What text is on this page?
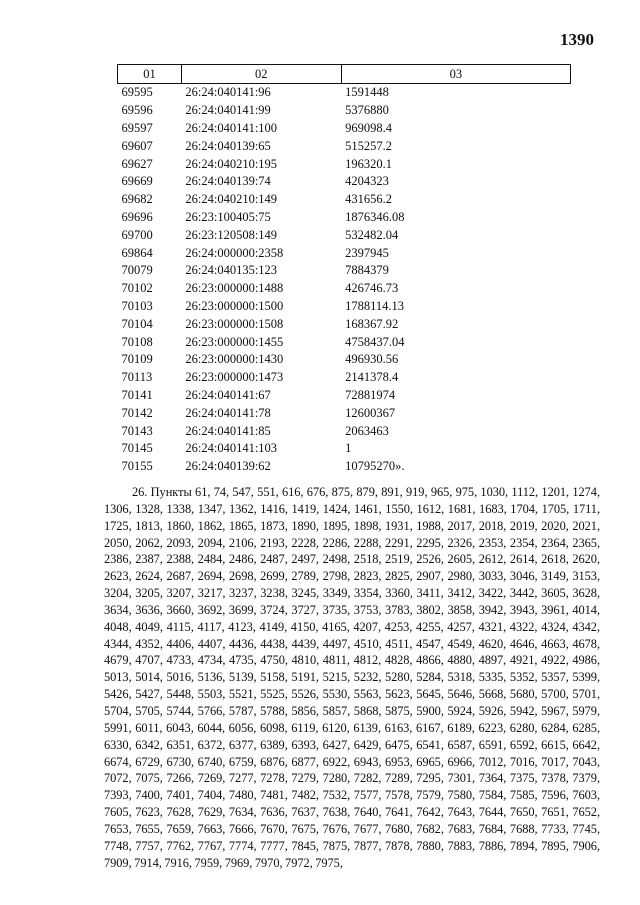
1390
01	02	03
69595	26:24:040141:96	1591448
69596	26:24:040141:99	5376880
69597	26:24:040141:100	969098.4
69607	26:24:040139:65	515257.2
69627	26:24:040210:195	196320.1
69669	26:24:040139:74	4204323
69682	26:24:040210:149	431656.2
69696	26:23:100405:75	1876346.08
69700	26:23:120508:149	532482.04
69864	26:24:000000:2358	2397945
70079	26:24:040135:123	7884379
70102	26:23:000000:1488	426746.73
70103	26:23:000000:1500	1788114.13
70104	26:23:000000:1508	168367.92
70108	26:23:000000:1455	4758437.04
70109	26:23:000000:1430	496930.56
70113	26:23:000000:1473	2141378.4
70141	26:24:040141:67	72881974
70142	26:24:040141:78	12600367
70143	26:24:040141:85	2063463
70145	26:24:040141:103	1
70155	26:24:040139:62	10795270».
26. Пункты 61, 74, 547, 551, 616, 676, 875, 879, 891, 919, 965, 975, 1030, 1112, 1201, 1274, 1306, 1328, 1338, 1347, 1362, 1416, 1419, 1424, 1461, 1550, 1612, 1681, 1683, 1704, 1705, 1711, 1725, 1813, 1860, 1862, 1865, 1873, 1890, 1895, 1898, 1931, 1988, 2017, 2018, 2019, 2020, 2021, 2050, 2062, 2093, 2094, 2106, 2193, 2228, 2286, 2288, 2291, 2295, 2326, 2353, 2354, 2364, 2365, 2386, 2387, 2388, 2484, 2486, 2487, 2497, 2498, 2518, 2519, 2526, 2605, 2612, 2614, 2618, 2620, 2623, 2624, 2687, 2694, 2698, 2699, 2789, 2798, 2823, 2825, 2907, 2980, 3033, 3046, 3149, 3153, 3204, 3205, 3207, 3217, 3237, 3238, 3245, 3349, 3354, 3360, 3411, 3412, 3422, 3442, 3605, 3628, 3634, 3636, 3660, 3692, 3699, 3724, 3727, 3735, 3753, 3783, 3802, 3858, 3942, 3943, 3961, 4014, 4048, 4049, 4115, 4117, 4123, 4149, 4150, 4165, 4207, 4253, 4255, 4257, 4321, 4322, 4324, 4342, 4344, 4352, 4406, 4407, 4436, 4438, 4439, 4497, 4510, 4511, 4547, 4549, 4620, 4646, 4663, 4678, 4679, 4707, 4733, 4734, 4735, 4750, 4810, 4811, 4812, 4828, 4866, 4880, 4897, 4921, 4922, 4986, 5013, 5014, 5016, 5136, 5139, 5158, 5191, 5215, 5232, 5280, 5284, 5318, 5335, 5352, 5357, 5399, 5426, 5427, 5448, 5503, 5521, 5525, 5526, 5530, 5563, 5623, 5645, 5646, 5668, 5680, 5700, 5701, 5704, 5705, 5744, 5766, 5787, 5788, 5856, 5857, 5868, 5875, 5900, 5924, 5926, 5942, 5967, 5979, 5991, 6011, 6043, 6044, 6056, 6098, 6119, 6120, 6139, 6163, 6167, 6189, 6223, 6280, 6284, 6285, 6330, 6342, 6351, 6372, 6377, 6389, 6393, 6427, 6429, 6475, 6541, 6587, 6591, 6592, 6615, 6642, 6674, 6729, 6730, 6740, 6759, 6876, 6877, 6922, 6943, 6953, 6965, 6966, 7012, 7016, 7017, 7043, 7072, 7075, 7266, 7269, 7277, 7278, 7279, 7280, 7282, 7289, 7295, 7301, 7364, 7375, 7378, 7379, 7393, 7400, 7401, 7404, 7480, 7481, 7482, 7532, 7577, 7578, 7579, 7580, 7584, 7585, 7596, 7603, 7605, 7623, 7628, 7629, 7634, 7636, 7637, 7638, 7640, 7641, 7642, 7643, 7644, 7650, 7651, 7652, 7653, 7655, 7659, 7663, 7666, 7670, 7675, 7676, 7677, 7680, 7682, 7683, 7684, 7688, 7733, 7745, 7748, 7757, 7762, 7767, 7774, 7777, 7845, 7875, 7877, 7878, 7880, 7883, 7886, 7894, 7895, 7906, 7909, 7914, 7916, 7959, 7969, 7970, 7972, 7975,
